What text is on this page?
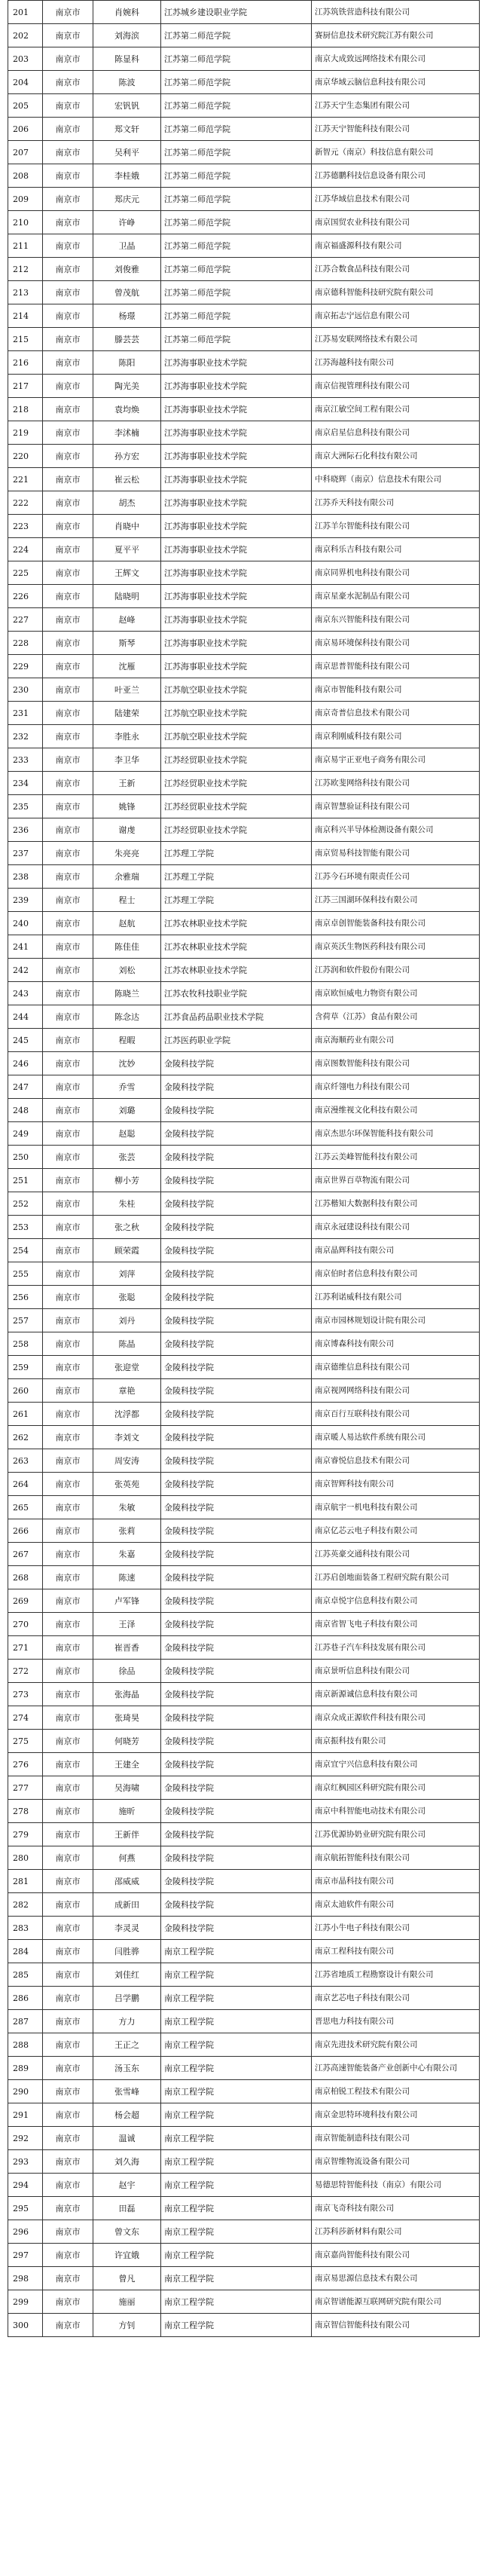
201	南京市	肖婉科	江苏城乡建设职业学院	江苏筑铁营造科技有限公司
202	南京市	刘海滨	江苏第二师范学院	赛厨信息技术研究院江苏有限公司
203	南京市	陈显科	江苏第二师范学院	南京大成致远网络技术有限公司
204	南京市	陈波	江苏第二师范学院	南京华域云脑信息科技有限公司
205	南京市	宏钒钒	江苏第二师范学院	江苏天宁生态集团有限公司
206	南京市	郑文轩	江苏第二师范学院	江苏天宁智能科技有限公司
207	南京市	吴利平	江苏第二师范学院	新智元（南京）科技信息有限公司
208	南京市	李桂娥	江苏第二师范学院	江苏德鹏科技信息设备有限公司
209	南京市	郑庆元	江苏第二师范学院	江苏华域信息技术有限公司
210	南京市	许峥	江苏第二师范学院	南京国贸农业科技有限公司
211	南京市	卫晶	江苏第二师范学院	南京福盛源科技有限公司
212	南京市	刘俊雅	江苏第二师范学院	江苏合数食品科技有限公司
213	南京市	曾茂航	江苏第二师范学院	南京德科智能科技研究院有限公司
214	南京市	杨璟	江苏第二师范学院	南京拓志宁远信息有限公司
215	南京市	滕芸芸	江苏第二师范学院	江苏易安联网络技术有限公司
216	南京市	陈阳	江苏海事职业技术学院	江苏海越科技有限公司
217	南京市	陶光美	江苏海事职业技术学院	南京信视管理科技有限公司
218	南京市	袁均焕	江苏海事职业技术学院	南京江敏空间工程有限公司
219	南京市	李沭楠	江苏海事职业技术学院	南京启星信息科技有限公司
220	南京市	孙方宏	江苏海事职业技术学院	南京大洲际石化科技有限公司
221	南京市	崔云松	江苏海事职业技术学院	中科晓辉（南京）信息技术有限公司
222	南京市	胡杰	江苏海事职业技术学院	江苏乔天科技有限公司
223	南京市	肖晓中	江苏海事职业技术学院	江苏羊尔智能科技有限公司
224	南京市	夏平平	江苏海事职业技术学院	南京科乐吉科技有限公司
225	南京市	王辉文	江苏海事职业技术学院	南京同界机电科技有限公司
226	南京市	陆晓明	江苏海事职业技术学院	南京星豪水泥制品有限公司
227	南京市	赵峰	江苏海事职业技术学院	南京东兴智能科技有限公司
228	南京市	斯琴	江苏海事职业技术学院	南京易环境保科技有限公司
229	南京市	沈雁	江苏海事职业技术学院	南京思普智能科技有限公司
230	南京市	叶亚兰	江苏航空职业技术学院	南京市智能科技有限公司
231	南京市	陆建荣	江苏航空职业技术学院	南京奇普信息技术有限公司
232	南京市	李胜永	江苏航空职业技术学院	南京利刚威科技有限公司
233	南京市	李卫华	江苏经贸职业技术学院	南京易宇正亚电子商务有限公司
234	南京市	王新	江苏经贸职业技术学院	江苏欧斐网络科技有限公司
235	南京市	姚锋	江苏经贸职业技术学院	南京智慧验证科技有限公司
236	南京市	谢虔	江苏经贸职业技术学院	南京科兴半导体检测设备有限公司
237	南京市	朱亮亮	江苏理工学院	南京贸易科技智能有限公司
238	南京市	余雅瑞	江苏理工学院	江苏今石环境有限责任公司
239	南京市	程士	江苏理工学院	江苏三国湖环保科技有限公司
240	南京市	赵航	江苏农林职业技术学院	南京卓创智能装备科技有限公司
241	南京市	陈佳佳	江苏农林职业技术学院	南京英沃生物医药科技有限公司
242	南京市	刘松	江苏农林职业技术学院	江苏润和软件股份有限公司
243	南京市	陈晓兰	江苏农牧科技职业学院	南京欧恒威电力物资有限公司
244	南京市	陈念达	江苏食品药品职业技术学院	含荷草（江苏）食品有限公司
245	南京市	程暇	江苏医药职业学院	南京海顺药业有限公司
246	南京市	沈妙	金陵科技学院	南京图数智能科技有限公司
247	南京市	乔雪	金陵科技学院	南京纤翎电力科技有限公司
248	南京市	刘璐	金陵科技学院	南京漫维视文化科技有限公司
249	南京市	赵聪	金陵科技学院	南京杰思尔环保智能科技有限公司
250	南京市	张芸	金陵科技学院	江苏云美峰智能科技有限公司
251	南京市	柳小芳	金陵科技学院	南京世界百草物流有限公司
252	南京市	朱桂	金陵科技学院	江苏楷知大数据科技有限公司
253	南京市	张之秋	金陵科技学院	南京永冠建设科技有限公司
254	南京市	顾荣霞	金陵科技学院	南京晶辉科技有限公司
255	南京市	刘萍	金陵科技学院	南京伯时者信息科技有限公司
256	南京市	张聪	金陵科技学院	江苏利诺威科技有限公司
257	南京市	刘丹	金陵科技学院	南京市园林规划设计院有限公司
258	南京市	陈晶	金陵科技学院	南京博森科技有限公司
259	南京市	张迎堂	金陵科技学院	南京德维信息科技有限公司
260	南京市	章艳	金陵科技学院	南京视网网络科技有限公司
261	南京市	沈浮都	金陵科技学院	南京百行互联科技有限公司
262	南京市	李刘文	金陵科技学院	南京暖人易达软件系统有限公司
263	南京市	周安涛	金陵科技学院	南京睿悦信息技术有限公司
264	南京市	张英苑	金陵科技学院	南京智辉科技有限公司
265	南京市	朱敏	金陵科技学院	南京航宇一机电科技有限公司
266	南京市	张莉	金陵科技学院	南京亿芯云电子科技有限公司
267	南京市	朱嘉	金陵科技学院	江苏英豪交通科技有限公司
268	南京市	陈速	金陵科技学院	江苏启创地面装备工程研究院有限公司
269	南京市	卢军锋	金陵科技学院	南京卓悦宇信息科技有限公司
270	南京市	王泽	金陵科技学院	南京省智飞电子科技有限公司
271	南京市	崔晋香	金陵科技学院	江苏巷子汽车科技发展有限公司
272	南京市	徐品	金陵科技学院	南京景听信息科技有限公司
273	南京市	张海晶	金陵科技学院	南京新源诚信息科技有限公司
274	南京市	张琦昊	金陵科技学院	南京众成正源软件科技有限公司
275	南京市	何晓芳	金陵科技学院	南京振科技有限公司
276	南京市	王建全	金陵科技学院	南京宜宁兴信息科技有限公司
277	南京市	吴海啸	金陵科技学院	南京红枫园区科研究院有限公司
278	南京市	施昕	金陵科技学院	南京中科智能电动技术有限公司
279	南京市	王新伴	金陵科技学院	江苏优源协奶业研究院有限公司
280	南京市	何燕	金陵科技学院	南京航拓智能科技有限公司
281	南京市	邵威威	金陵科技学院	南京市晶科技有限公司
282	南京市	成新田	金陵科技学院	南京太迪软件有限公司
283	南京市	李灵灵	金陵科技学院	江苏小牛电子科技有限公司
284	南京市	闫胜骅	南京工程学院	南京工程科技有限公司
285	南京市	刘佳红	南京工程学院	江苏省地质工程勘察设计有限公司
286	南京市	吕学鹏	南京工程学院	南京艺芯电子科技有限公司
287	南京市	方力	南京工程学院	晋思电力科技有限公司
288	南京市	王正之	南京工程学院	南京先进技术研究院有限公司
289	南京市	汤玉东	南京工程学院	江苏高速智能装备产业创新中心有限公司
290	南京市	张雪峰	南京工程学院	南京柏锐工程技术有限公司
291	南京市	杨会超	南京工程学院	南京金思特环境科技有限公司
292	南京市	温诚	南京工程学院	南京智能制造科技有限公司
293	南京市	刘久海	南京工程学院	南京智维物流设备有限公司
294	南京市	赵宇	南京工程学院	易德思特智能科技（南京）有限公司
295	南京市	田磊	南京工程学院	南京飞奇科技有限公司
296	南京市	曾文东	南京工程学院	江苏科莎新材料有限公司
297	南京市	许宜娥	南京工程学院	南京嘉尚智能科技有限公司
298	南京市	曾凡	南京工程学院	南京易思源信息技术有限公司
299	南京市	施丽	南京工程学院	南京智谱能源互联网研究院有限公司
300	南京市	方钊	南京工程学院	南京智信智能科技有限公司
